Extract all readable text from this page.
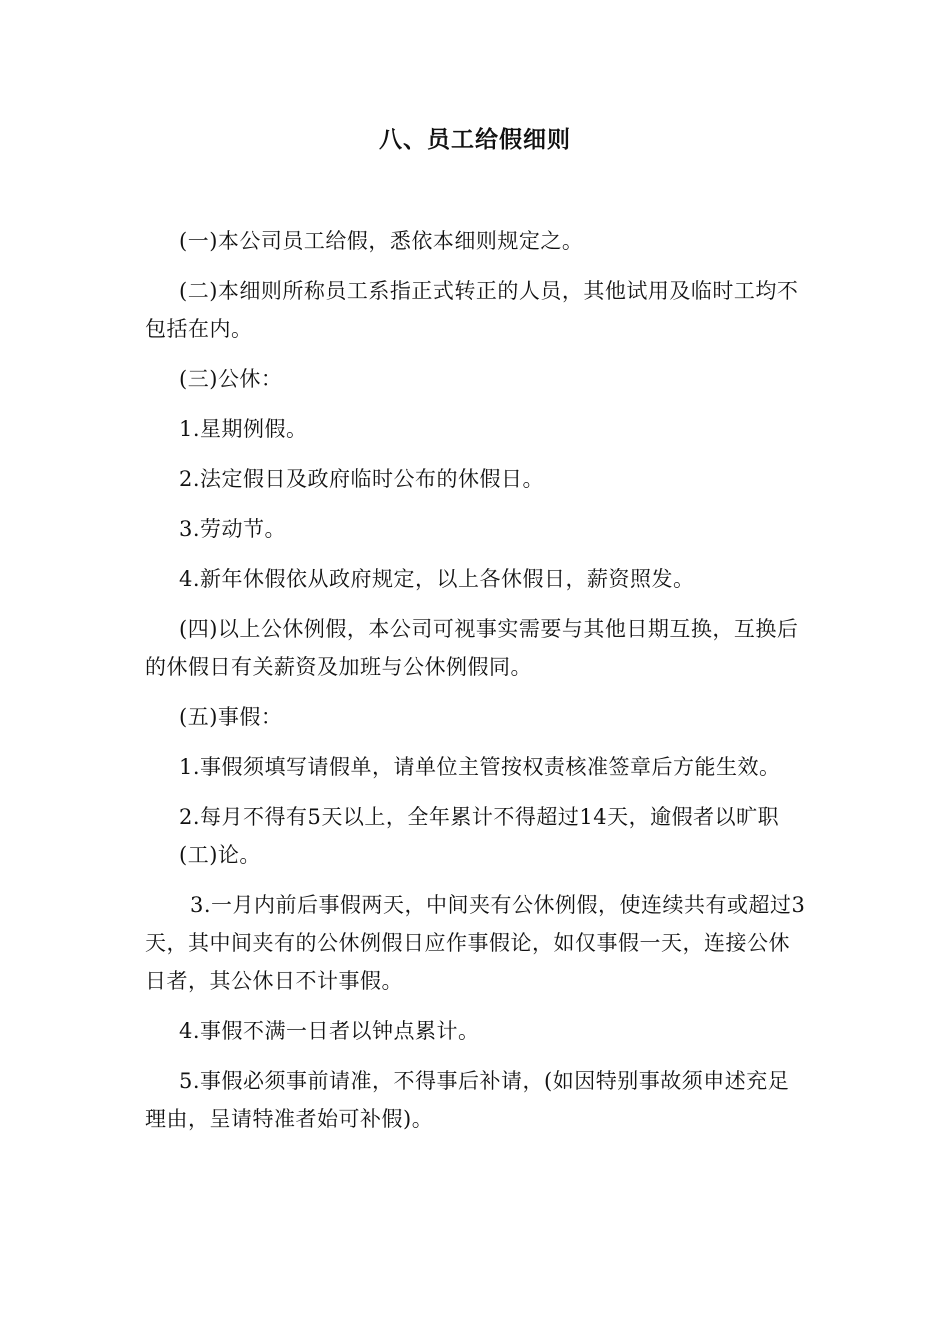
八、员工给假细则

(一)本公司员工给假，悉依本细则规定之。

(二)本细则所称员工系指正式转正的人员，其他试用及临时工均不包括在内。

(三)公休：

1.星期例假。

2.法定假日及政府临时公布的休假日。

3.劳动节。

4.新年休假依从政府规定，以上各休假日，薪资照发。

(四)以上公休例假，本公司可视事实需要与其他日期互换，互换后的休假日有关薪资及加班与公休例假同。

(五)事假：

1.事假须填写请假单，请单位主管按权责核准签章后方能生效。

2.每月不得有5天以上，全年累计不得超过14天，逾假者以旷职(工)论。

3.一月内前后事假两天，中间夹有公休例假，使连续共有或超过3天，其中间夹有的公休例假日应作事假论，如仅事假一天，连接公休日者，其公休日不计事假。

4.事假不满一日者以钟点累计。

5.事假必须事前请准，不得事后补请，(如因特别事故须申述充足理由，呈请特准者始可补假)。
